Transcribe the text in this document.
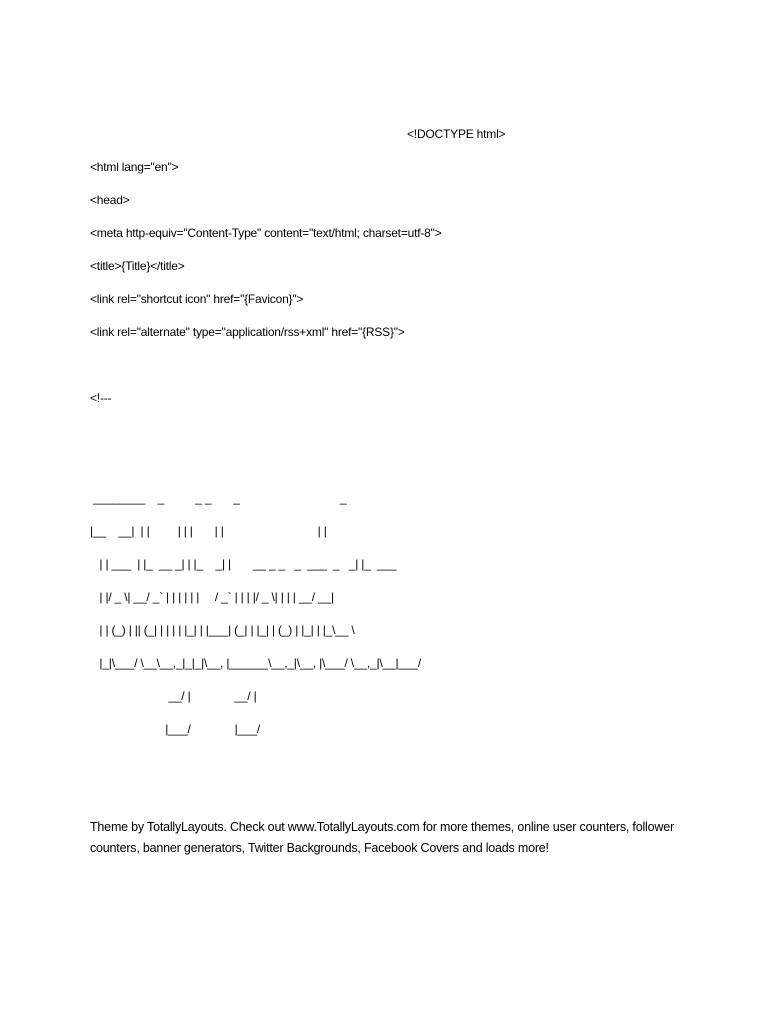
<!DOCTYPE html>
<html lang="en">
<head>
<meta http-equiv="Content-Type" content="text/html; charset=utf-8">
<title>{Title}</title>
<link rel="shortcut icon" href="{Favicon}">
<link rel="alternate" type="application/rss+xml" href="{RSS}">
<!---
________    _          _ _       _                                _
|__    __|  | |         | | |       | |                              | |
| | ___  | |_  __ _| | |_    _| |       __ _ _   _  ___  _   _| |_  ___
| |/ _ \| __/ _` | | | | | |     / _` | | | |/ _ \| | | | __/ __|
| | (_) | || (_| | | | | |_| | |___| (_| | |_| | (_) | |_| | |_\__ \
|_|\___/ \__\__,_|_|_|\__, |______\__,_|\__, |\___/ \__,_|\__|___/
__/ |              __/ |
|___/              |___/
Theme by TotallyLayouts. Check out www.TotallyLayouts.com for more themes, online user counters, follower counters, banner generators, Twitter Backgrounds, Facebook Covers and loads more!
